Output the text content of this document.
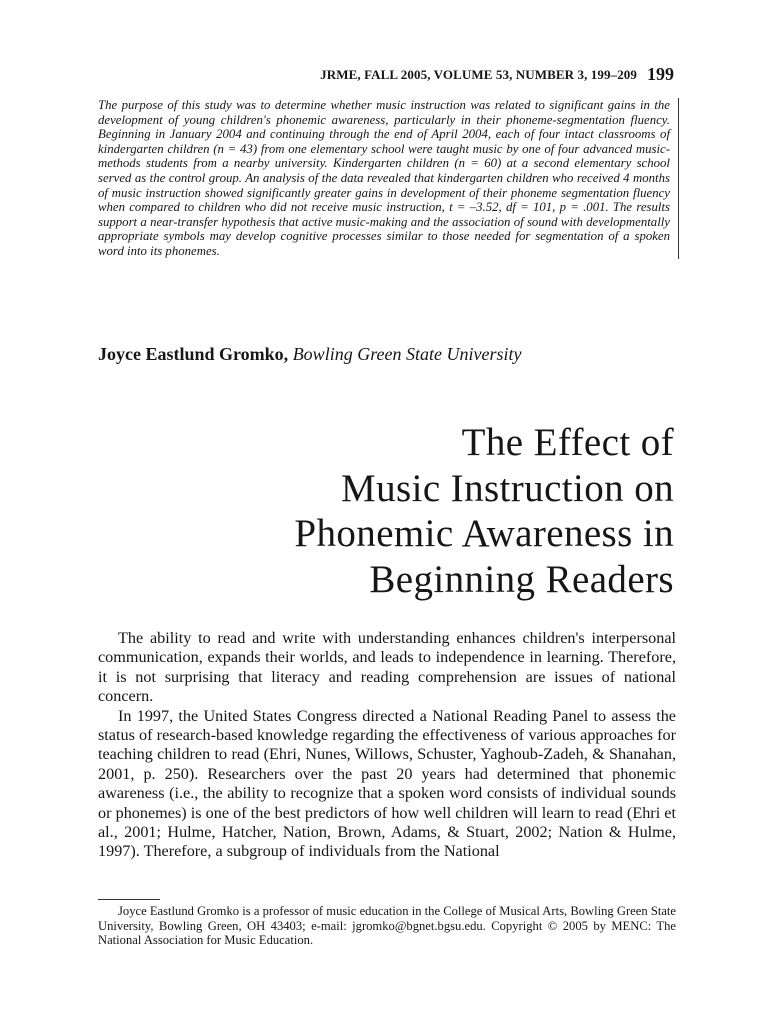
JRME, FALL 2005, VOLUME 53, NUMBER 3, 199–209 199
The purpose of this study was to determine whether music instruction was related to significant gains in the development of young children's phonemic awareness, particularly in their phoneme-segmentation fluency. Beginning in January 2004 and continuing through the end of April 2004, each of four intact classrooms of kindergarten children (n = 43) from one elementary school were taught music by one of four advanced music-methods students from a nearby university. Kindergarten children (n = 60) at a second elementary school served as the control group. An analysis of the data revealed that kindergarten children who received 4 months of music instruction showed significantly greater gains in development of their phoneme segmentation fluency when compared to children who did not receive music instruction, t = –3.52, df = 101, p = .001. The results support a near-transfer hypothesis that active music-making and the association of sound with developmentally appropriate symbols may develop cognitive processes similar to those needed for segmentation of a spoken word into its phonemes.
Joyce Eastlund Gromko, Bowling Green State University
The Effect of
Music Instruction on
Phonemic Awareness in
Beginning Readers

The ability to read and write with understanding enhances children's interpersonal communication, expands their worlds, and leads to independence in learning. Therefore, it is not surprising that literacy and reading comprehension are issues of national concern.

In 1997, the United States Congress directed a National Reading Panel to assess the status of research-based knowledge regarding the effectiveness of various approaches for teaching children to read (Ehri, Nunes, Willows, Schuster, Yaghoub-Zadeh, & Shanahan, 2001, p. 250). Researchers over the past 20 years had determined that phonemic awareness (i.e., the ability to recognize that a spoken word consists of individual sounds or phonemes) is one of the best predictors of how well children will learn to read (Ehri et al., 2001; Hulme, Hatcher, Nation, Brown, Adams, & Stuart, 2002; Nation & Hulme, 1997). Therefore, a subgroup of individuals from the National

Joyce Eastlund Gromko is a professor of music education in the College of Musical Arts, Bowling Green State University, Bowling Green, OH 43403; e-mail: jgromko@bgnet.bgsu.edu. Copyright © 2005 by MENC: The National Association for Music Education.
